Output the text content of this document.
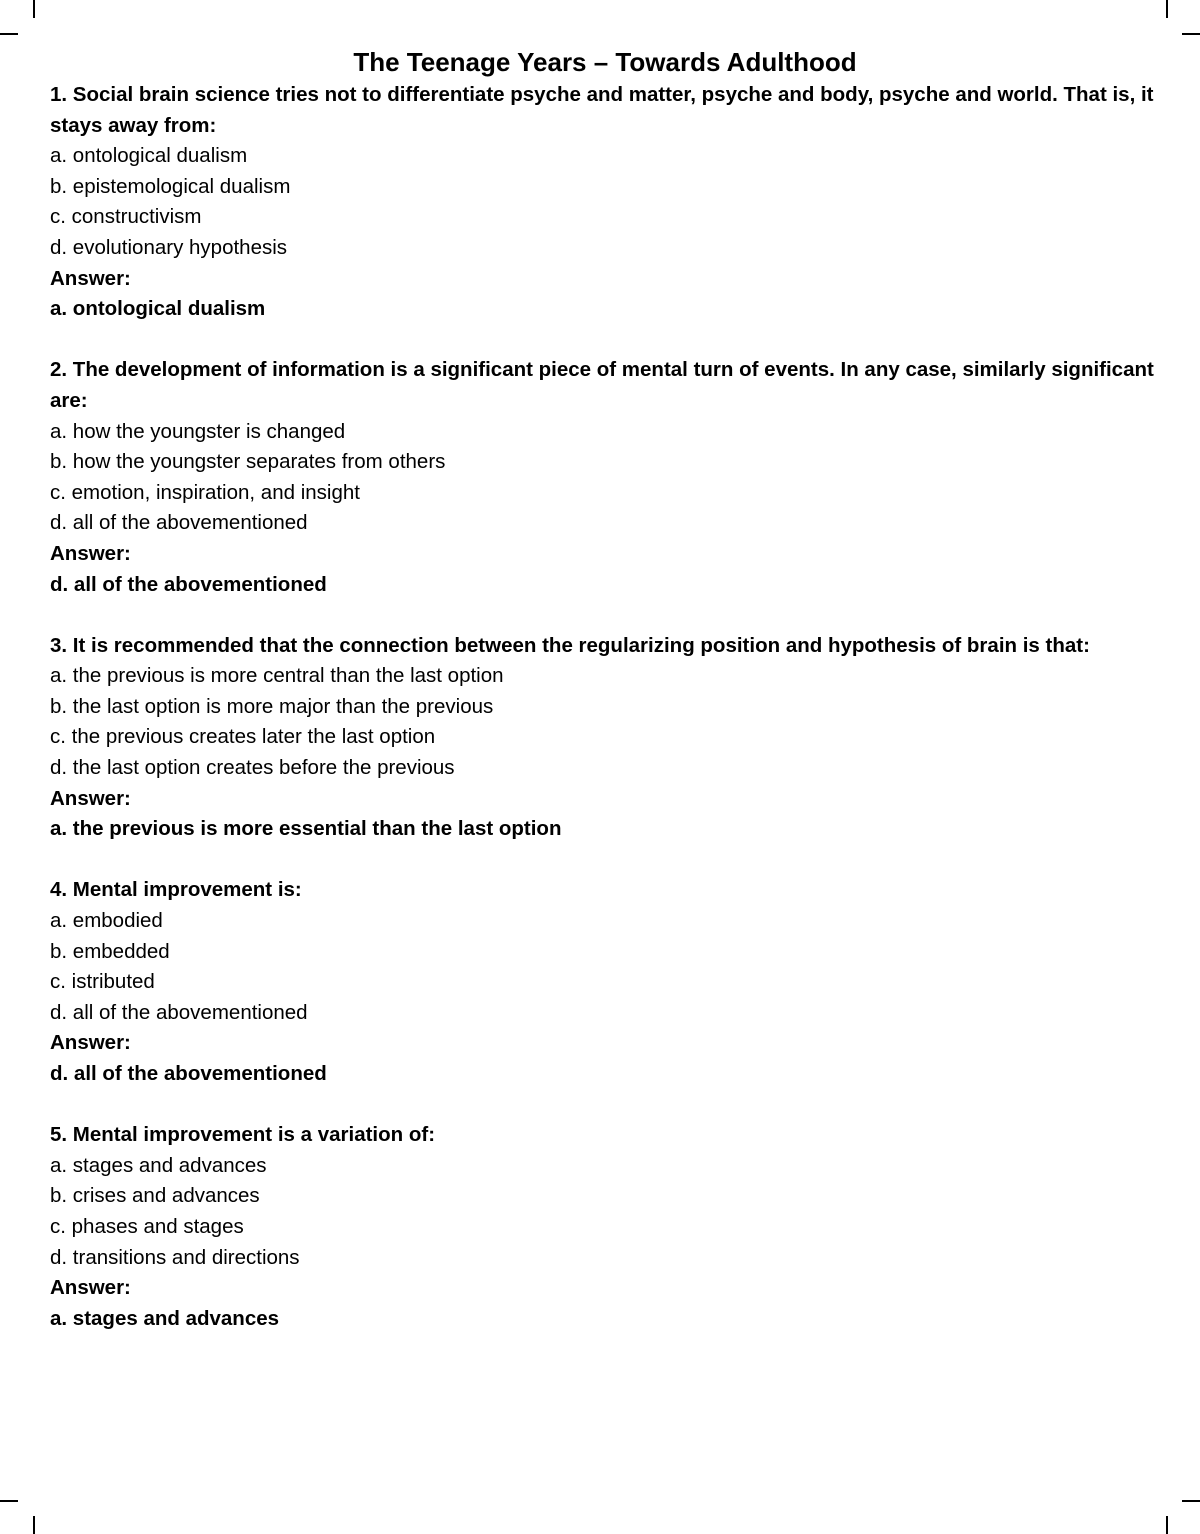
The Teenage Years – Towards Adulthood
1. Social brain science tries not to differentiate psyche and matter, psyche and body, psyche and world. That is, it stays away from:
a. ontological dualism
b. epistemological dualism
c. constructivism
d. evolutionary hypothesis
Answer:
a. ontological dualism
2. The development of information is a significant piece of mental turn of events. In any case, similarly significant are:
a. how the youngster is changed
b. how the youngster separates from others
c. emotion, inspiration, and insight
d. all of the abovementioned
Answer:
d. all of the abovementioned
3. It is recommended that the connection between the regularizing position and hypothesis of brain is that:
a. the previous is more central than the last option
b. the last option is more major than the previous
c. the previous creates later the last option
d. the last option creates before the previous
Answer:
a. the previous is more essential than the last option
4. Mental improvement is:
a. embodied
b. embedded
c. istributed
d. all of the abovementioned
Answer:
d. all of the abovementioned
5. Mental improvement is a variation of:
a. stages and advances
b. crises and advances
c. phases and stages
d. transitions and directions
Answer:
a. stages and advances
